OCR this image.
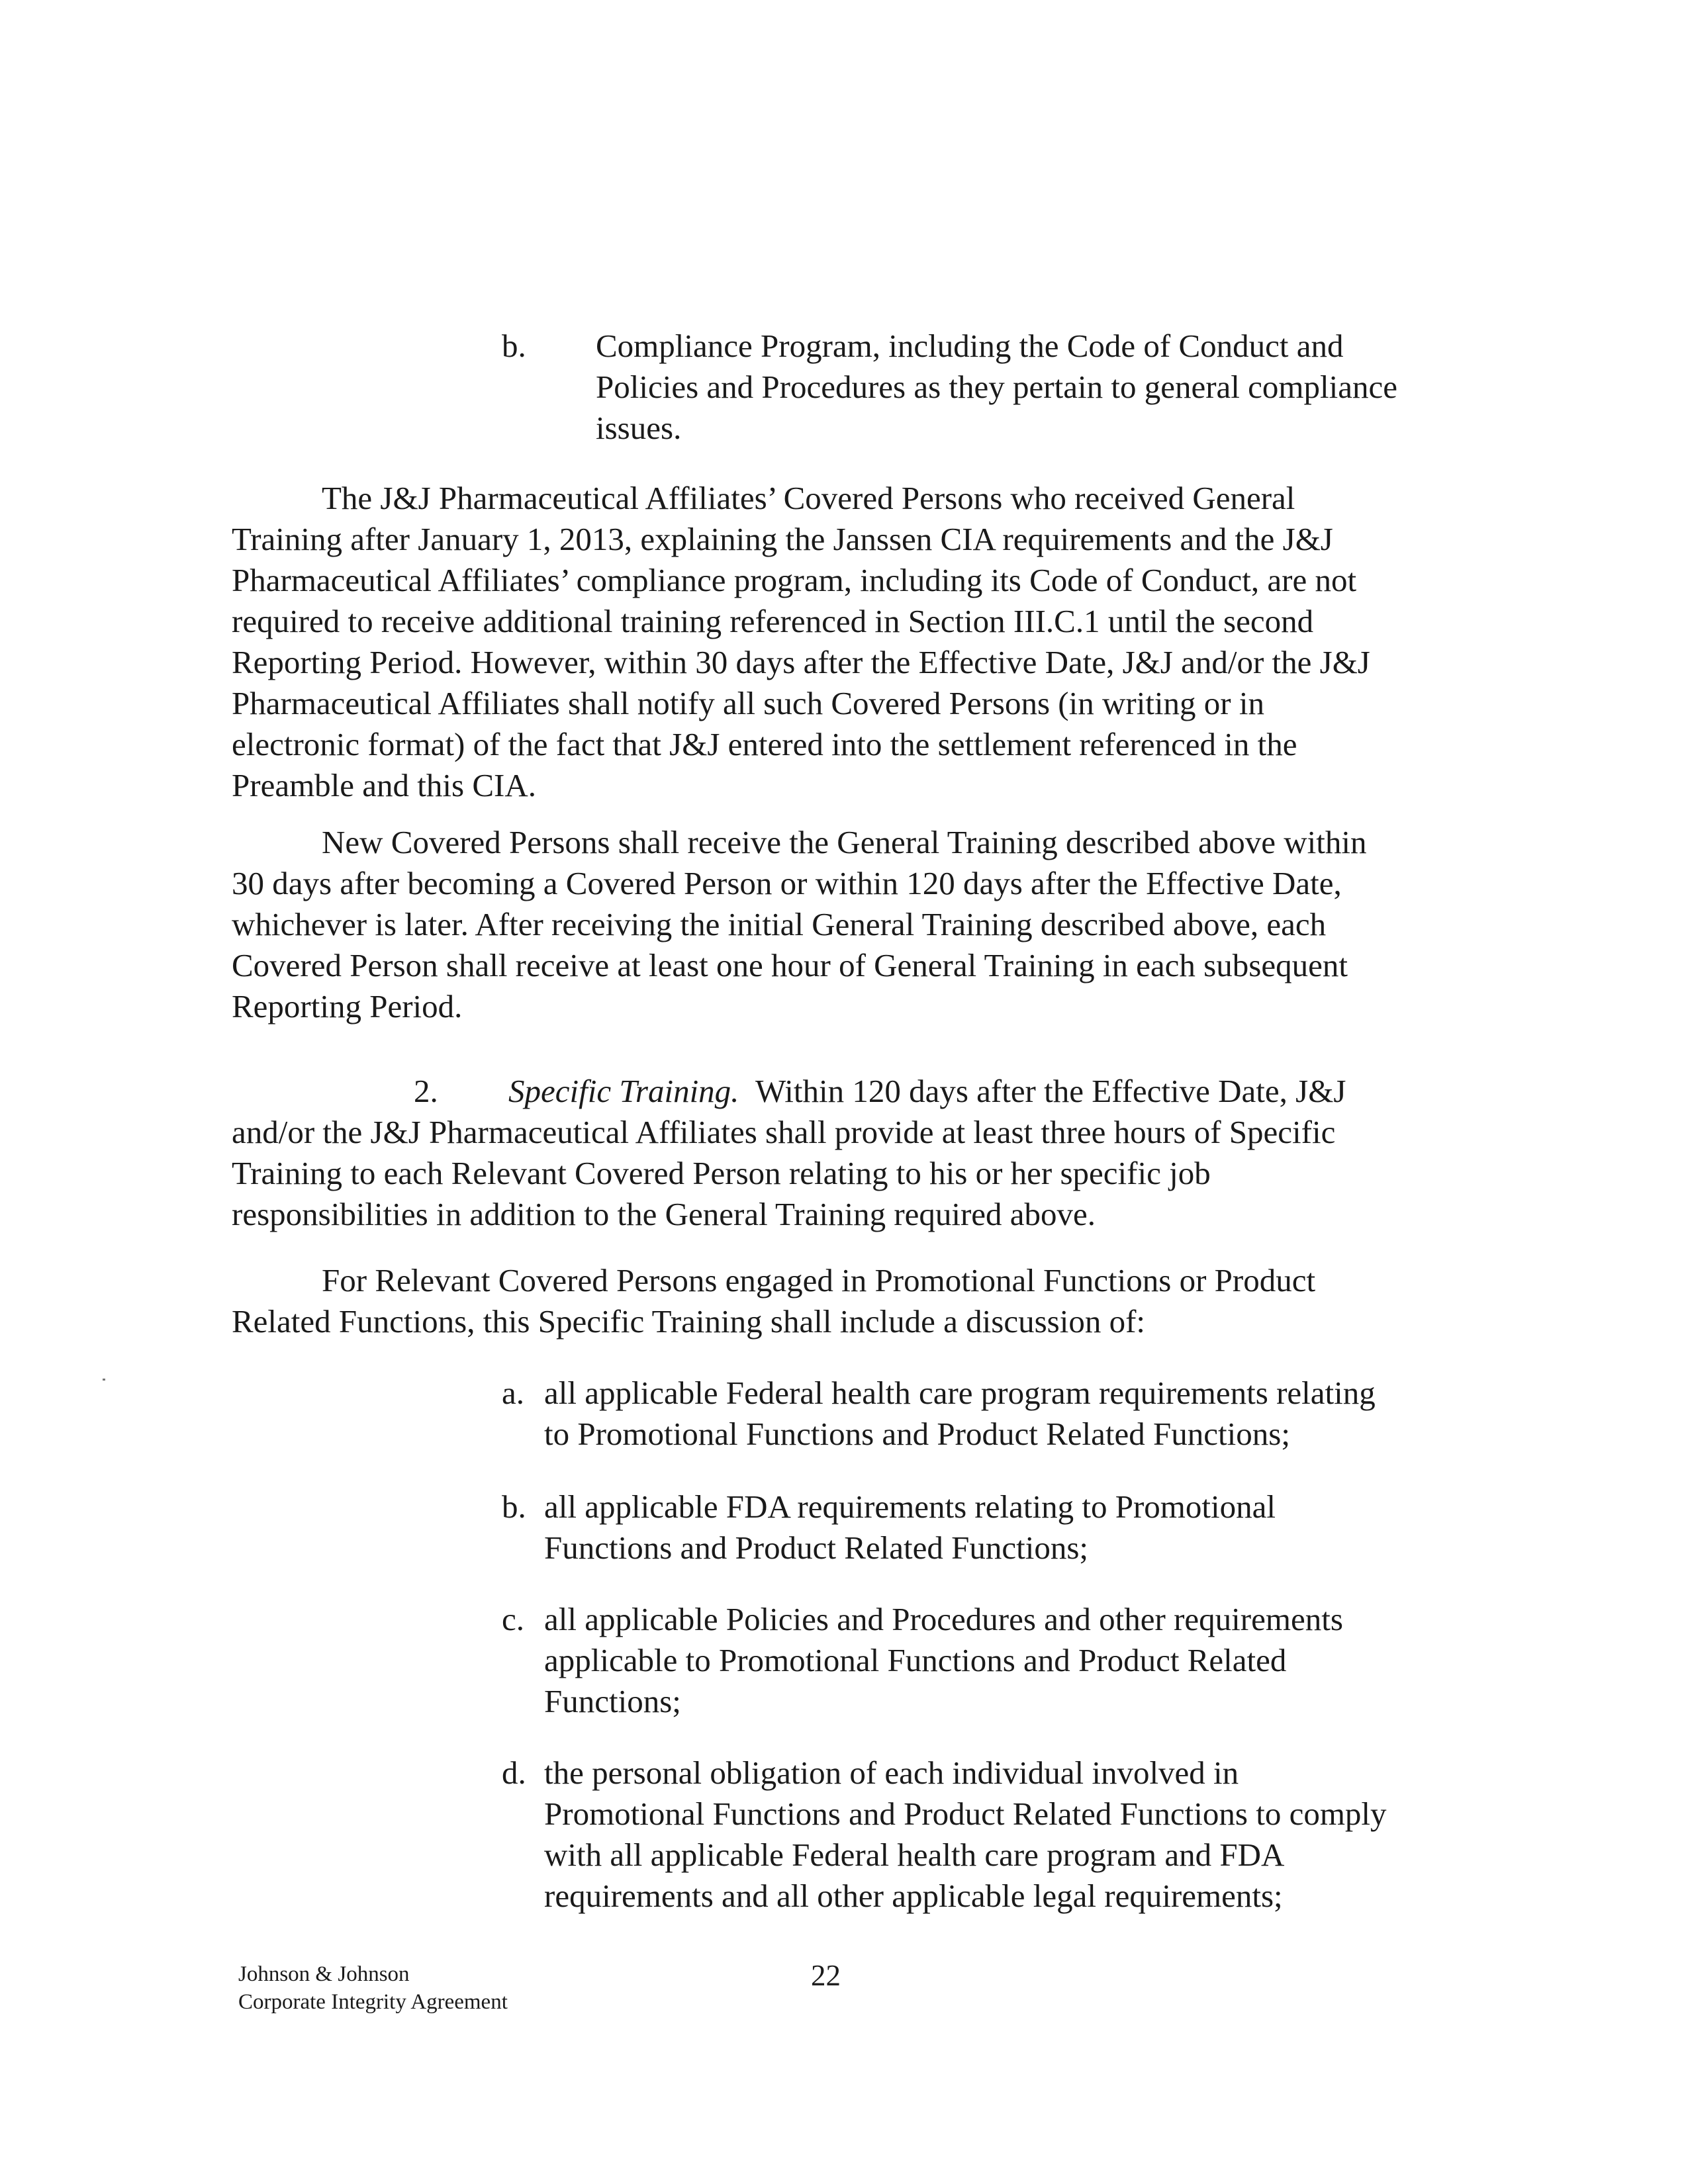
b. Compliance Program, including the Code of Conduct and
Policies and Procedures as they pertain to general compliance
issues.
The J&J Pharmaceutical Affiliates’ Covered Persons who received General
Training after January 1, 2013, explaining the Janssen CIA requirements and the J&J
Pharmaceutical Affiliates’ compliance program, including its Code of Conduct, are not
required to receive additional training referenced in Section III.C.1 until the second
Reporting Period. However, within 30 days after the Effective Date, J&J and/or the J&J
Pharmaceutical Affiliates shall notify all such Covered Persons (in writing or in
electronic format) of the fact that J&J entered into the settlement referenced in the
Preamble and this CIA.
New Covered Persons shall receive the General Training described above within
30 days after becoming a Covered Person or within 120 days after the Effective Date,
whichever is later. After receiving the initial General Training described above, each
Covered Person shall receive at least one hour of General Training in each subsequent
Reporting Period.
2. Specific Training. Within 120 days after the Effective Date, J&J
and/or the J&J Pharmaceutical Affiliates shall provide at least three hours of Specific
Training to each Relevant Covered Person relating to his or her specific job
responsibilities in addition to the General Training required above.
For Relevant Covered Persons engaged in Promotional Functions or Product
Related Functions, this Specific Training shall include a discussion of:
a. all applicable Federal health care program requirements relating
to Promotional Functions and Product Related Functions;
b. all applicable FDA requirements relating to Promotional
Functions and Product Related Functions;
c. all applicable Policies and Procedures and other requirements
applicable to Promotional Functions and Product Related
Functions;
d. the personal obligation of each individual involved in
Promotional Functions and Product Related Functions to comply
with all applicable Federal health care program and FDA
requirements and all other applicable legal requirements;
Johnson & Johnson
Corporate Integrity Agreement
22
